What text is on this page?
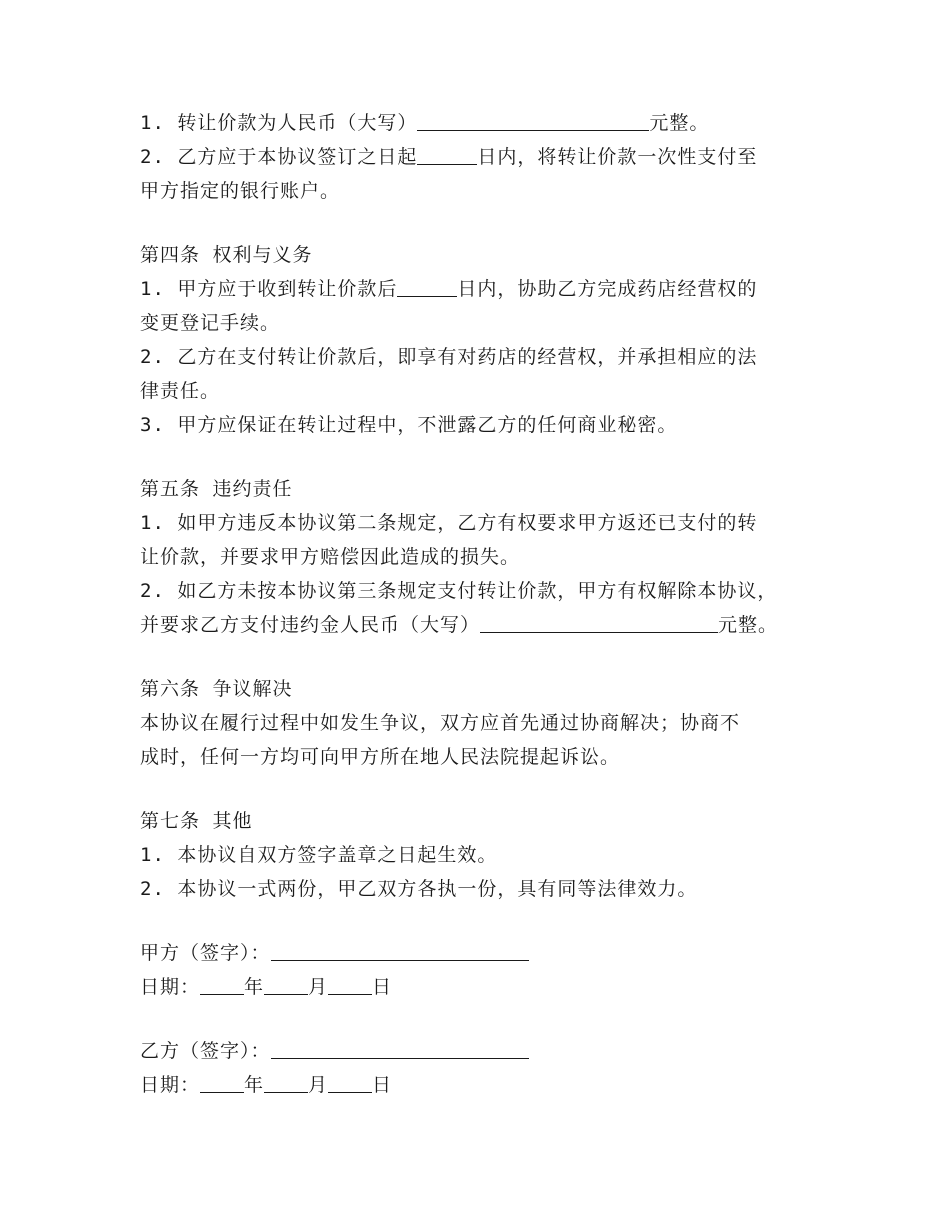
1. 转让价款为人民币（大写）	元整。
2. 乙方应于本协议签订之日起	日内，将转让价款一次性支付至
甲方指定的银行账户。
第四条 权利与义务
1. 甲方应于收到转让价款后	日内，协助乙方完成药店经营权的
变更登记手续。
2. 乙方在支付转让价款后，即享有对药店的经营权，并承担相应的法
律责任。
3. 甲方应保证在转让过程中，不泄露乙方的任何商业秘密。
第五条 违约责任
1. 如甲方违反本协议第二条规定，乙方有权要求甲方返还已支付的转
让价款，并要求甲方赔偿因此造成的损失。
2. 如乙方未按本协议第三条规定支付转让价款，甲方有权解除本协议，
并要求乙方支付违约金人民币（大写）	元整。
第六条 争议解决
本协议在履行过程中如发生争议，双方应首先通过协商解决；协商不
成时，任何一方均可向甲方所在地人民法院提起诉讼。
第七条 其他
1. 本协议自双方签字盖章之日起生效。
2. 本协议一式两份，甲乙双方各执一份，具有同等法律效力。
甲方（签字）：
日期： 年 月 日
乙方（签字）：
日期： 年 月 日
